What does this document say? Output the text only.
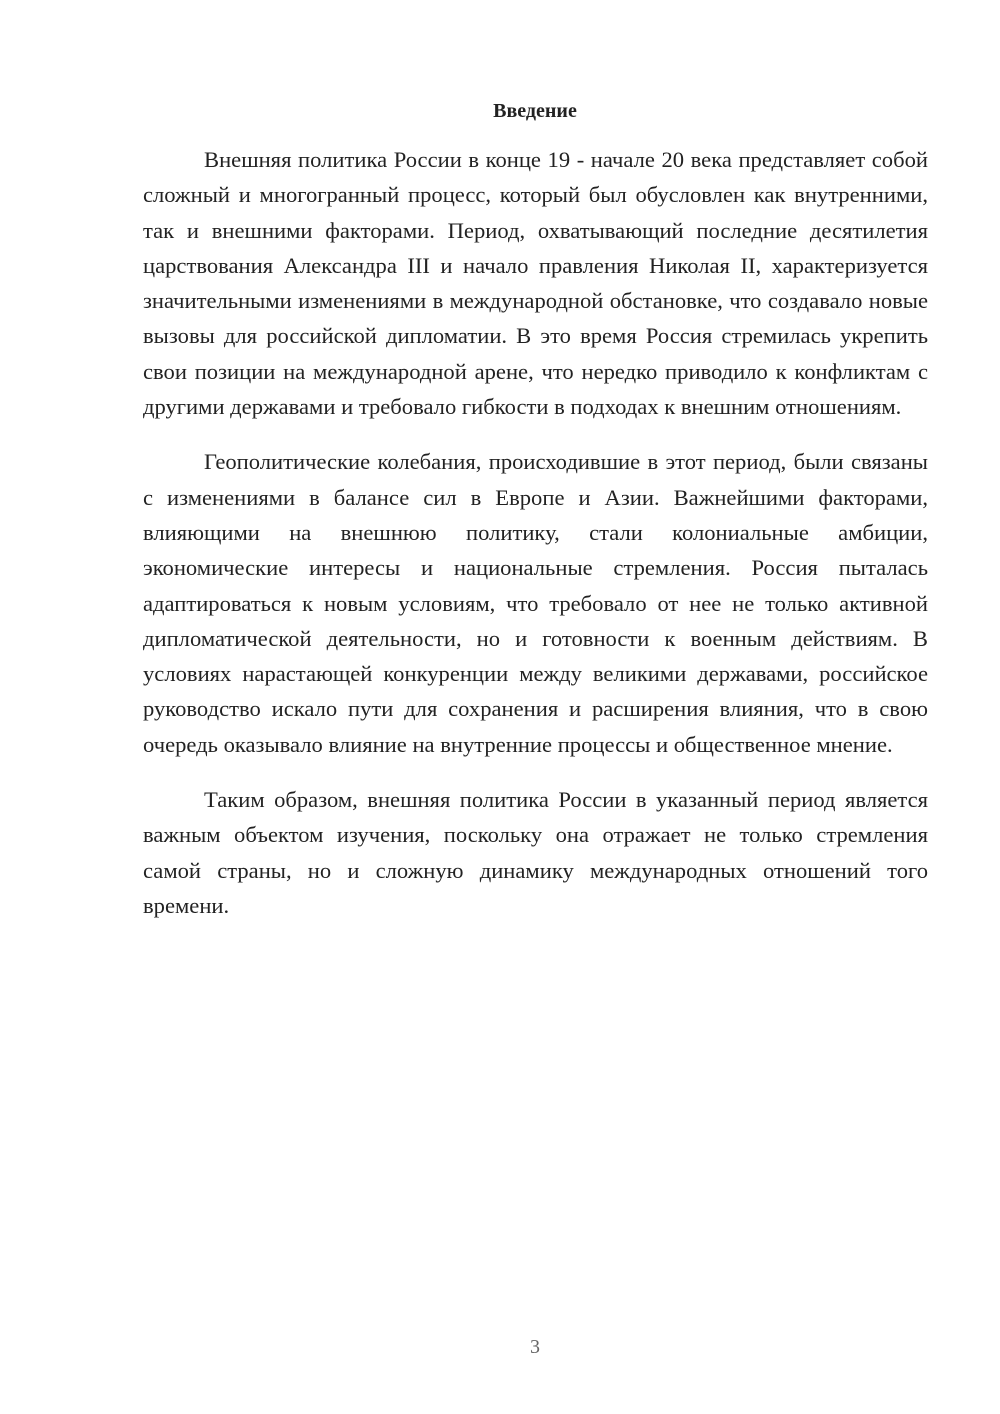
Введение

Внешняя политика России в конце 19 - начале 20 века представляет собой сложный и многогранный процесс, который был обусловлен как внутренними, так и внешними факторами. Период, охватывающий последние десятилетия царствования Александра III и начало правления Николая II, характеризуется значительными изменениями в международной обстановке, что создавало новые вызовы для российской дипломатии. В это время Россия стремилась укрепить свои позиции на международной арене, что нередко приводило к конфликтам с другими державами и требовало гибкости в подходах к внешним отношениям.

Геополитические колебания, происходившие в этот период, были связаны с изменениями в балансе сил в Европе и Азии. Важнейшими факторами, влияющими на внешнюю политику, стали колониальные амбиции, экономические интересы и национальные стремления. Россия пыталась адаптироваться к новым условиям, что требовало от нее не только активной дипломатической деятельности, но и готовности к военным действиям. В условиях нарастающей конкуренции между великими державами, российское руководство искало пути для сохранения и расширения влияния, что в свою очередь оказывало влияние на внутренние процессы и общественное мнение.

Таким образом, внешняя политика России в указанный период является важным объектом изучения, поскольку она отражает не только стремления самой страны, но и сложную динамику международных отношений того времени.

3
